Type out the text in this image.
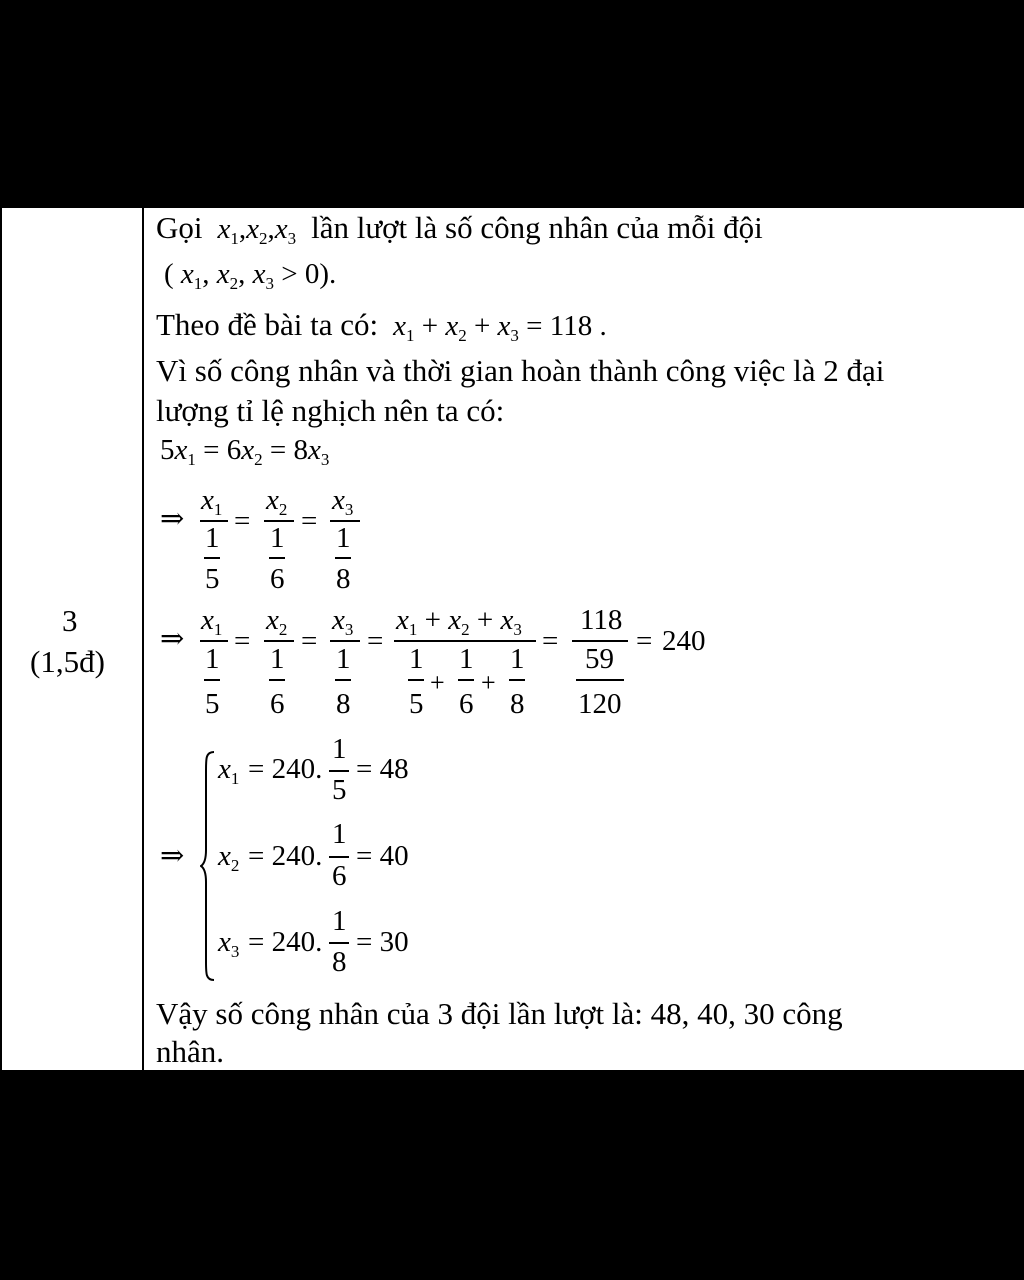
3
(1,5đ)
Gọi $x_1,x_2,x_3$ lần lượt là số công nhân của mỗi đội
( $x_1$, $x_2$, $x_3 > 0$).
Theo đề bài ta có: $x_1 + x_2 + x_3 = 118$ .
Vì số công nhân và thời gian hoàn thành công việc là 2 đại
lượng tỉ lệ nghịch nên ta có:
$5x_1 = 6x_2 = 8x_3$
⇒
$x_1$
1
5
=
$x_2$
1
6
=
$x_3$
1
8
⇒
$x_1$
1
5
=
$x_2$
1
6
=
$x_3$
1
8
=
$x_1 + x_2 + x_3$
1
5
+
1
6
+
1
8
=
118
59
120
= 240
⇒
$x_1 = 240$.
1
5
= 48
$x_2 = 240$.
1
6
= 40
$x_3 = 240$.
1
8
= 30
Vậy số công nhân của 3 đội lần lượt là: 48, 40, 30 công
nhân.
